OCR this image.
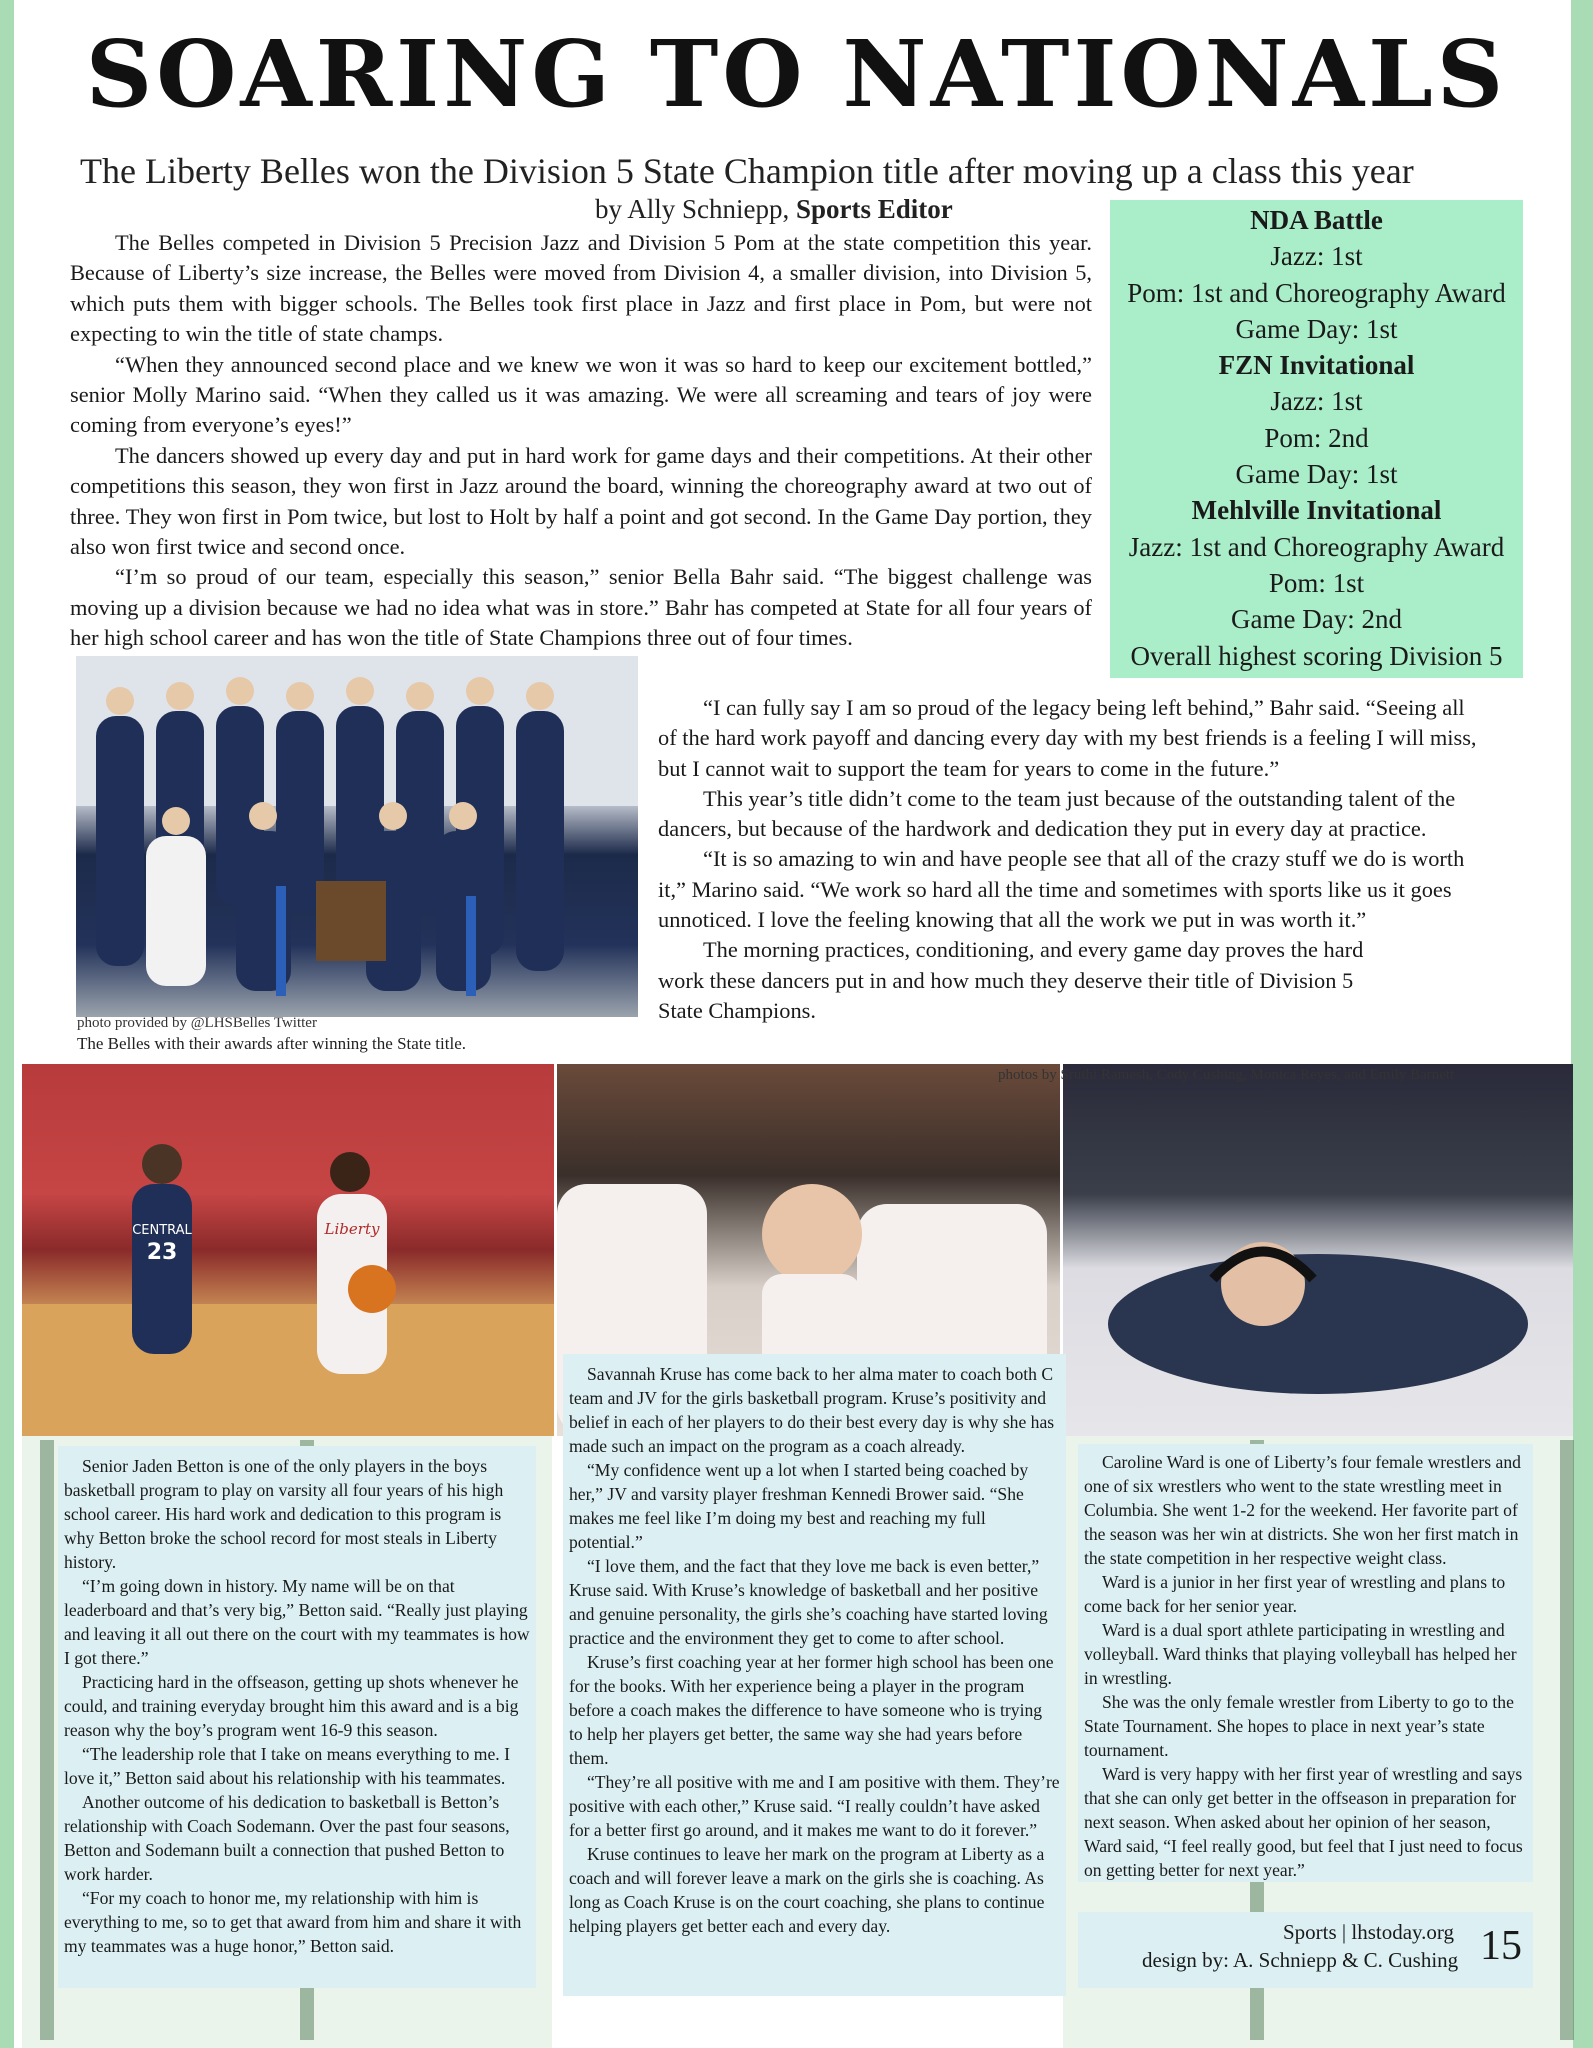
SOARING TO NATIONALS
The Liberty Belles won the Division 5 State Champion title after moving up a class this year
by Ally Schniepp, Sports Editor

The Belles competed in Division 5 Precision Jazz and Division 5 Pom at the state competition this year. Because of Liberty’s size increase, the Belles were moved from Division 4, a smaller division, into Division 5, which puts them with bigger schools. The Belles took first place in Jazz and first place in Pom, but were not expecting to win the title of state champs.

“When they announced second place and we knew we won it was so hard to keep our excitement bottled,” senior Molly Marino said. “When they called us it was amazing. We were all screaming and tears of joy were coming from everyone’s eyes!”

The dancers showed up every day and put in hard work for game days and their competitions. At their other competitions this season, they won first in Jazz around the board, winning the choreography award at two out of three. They won first in Pom twice, but lost to Holt by half a point and got second. In the Game Day portion, they also won first twice and second once.

“I’m so proud of our team, especially this season,” senior Bella Bahr said. “The biggest challenge was moving up a division because we had no idea what was in store.” Bahr has competed at State for all four years of her high school career and has won the title of State Champions three out of four times.

NDA Battle
Jazz: 1st
Pom: 1st and Choreography Award
Game Day: 1st
FZN Invitational
Jazz: 1st
Pom: 2nd
Game Day: 1st
Mehlville Invitational
Jazz: 1st and Choreography Award
Pom: 1st
Game Day: 2nd
Overall highest scoring Division 5
photo provided by @LHSBelles Twitter
The Belles with their awards after winning the State title.

“I can fully say I am so proud of the legacy being left behind,” Bahr said. “Seeing all of the hard work payoff and dancing every day with my best friends is a feeling I will miss, but I cannot wait to support the team for years to come in the future.”

This year’s title didn’t come to the team just because of the outstanding talent of the dancers, but because of the hardwork and dedication they put in every day at practice.

“It is so amazing to win and have people see that all of the crazy stuff we do is worth it,” Marino said. “We work so hard all the time and sometimes with sports like us it goes unnoticed. I love the feeling knowing that all the work we put in was worth it.”

The morning practices, conditioning, and every game day proves the hard work these dancers put in and how much they deserve their title of Division 5 State Champions.

CENTRAL
23
Liberty
photos by Sruthi Ramesh, Cody Cushing, Monica Reyes, and Emily Barnett

Senior Jaden Betton is one of the only players in the boys basketball program to play on varsity all four years of his high school career. His hard work and dedication to this program is why Betton broke the school record for most steals in Liberty history.

“I’m going down in history. My name will be on that leaderboard and that’s very big,” Betton said. “Really just playing and leaving it all out there on the court with my teammates is how I got there.”

Practicing hard in the offseason, getting up shots whenever he could, and training everyday brought him this award and is a big reason why the boy’s program went 16-9 this season.

“The leadership role that I take on means everything to me. I love it,” Betton said about his relationship with his teammates.

Another outcome of his dedication to basketball is Betton’s relationship with Coach Sodemann. Over the past four seasons, Betton and Sodemann built a connection that pushed Betton to work harder.

“For my coach to honor me, my relationship with him is everything to me, so to get that award from him and share it with my teammates was a huge honor,” Betton said.

Savannah Kruse has come back to her alma mater to coach both C team and JV for the girls basketball program. Kruse’s positivity and belief in each of her players to do their best every day is why she has made such an impact on the program as a coach already.

“My confidence went up a lot when I started being coached by her,” JV and varsity player freshman Kennedi Brower said. “She makes me feel like I’m doing my best and reaching my full potential.”

“I love them, and the fact that they love me back is even better,” Kruse said. With Kruse’s knowledge of basketball and her positive and genuine personality, the girls she’s coaching have started loving practice and the environment they get to come to after school.

Kruse’s first coaching year at her former high school has been one for the books. With her experience being a player in the program before a coach makes the difference to have someone who is trying to help her players get better, the same way she had years before them.

“They’re all positive with me and I am positive with them. They’re positive with each other,” Kruse said. “I really couldn’t have asked for a better first go around, and it makes me want to do it forever.”

Kruse continues to leave her mark on the program at Liberty as a coach and will forever leave a mark on the girls she is coaching. As long as Coach Kruse is on the court coaching, she plans to continue helping players get better each and every day.

Caroline Ward is one of Liberty’s four female wrestlers and one of six wrestlers who went to the state wrestling meet in Columbia. She went 1-2 for the weekend. Her favorite part of the season was her win at districts. She won her first match in the state competition in her respective weight class.

Ward is a junior in her first year of wrestling and plans to come back for her senior year.

Ward is a dual sport athlete participating in wrestling and volleyball. Ward thinks that playing volleyball has helped her in wrestling.

She was the only female wrestler from Liberty to go to the State Tournament. She hopes to place in next year’s state tournament.

Ward is very happy with her first year of wrestling and says that she can only get better in the offseason in preparation for next season. When asked about her opinion of her season, Ward said, “I feel really good, but feel that I just need to focus on getting better for next year.”

Sports | lhstoday.org
design by: A. Schniepp & C. Cushing 15
